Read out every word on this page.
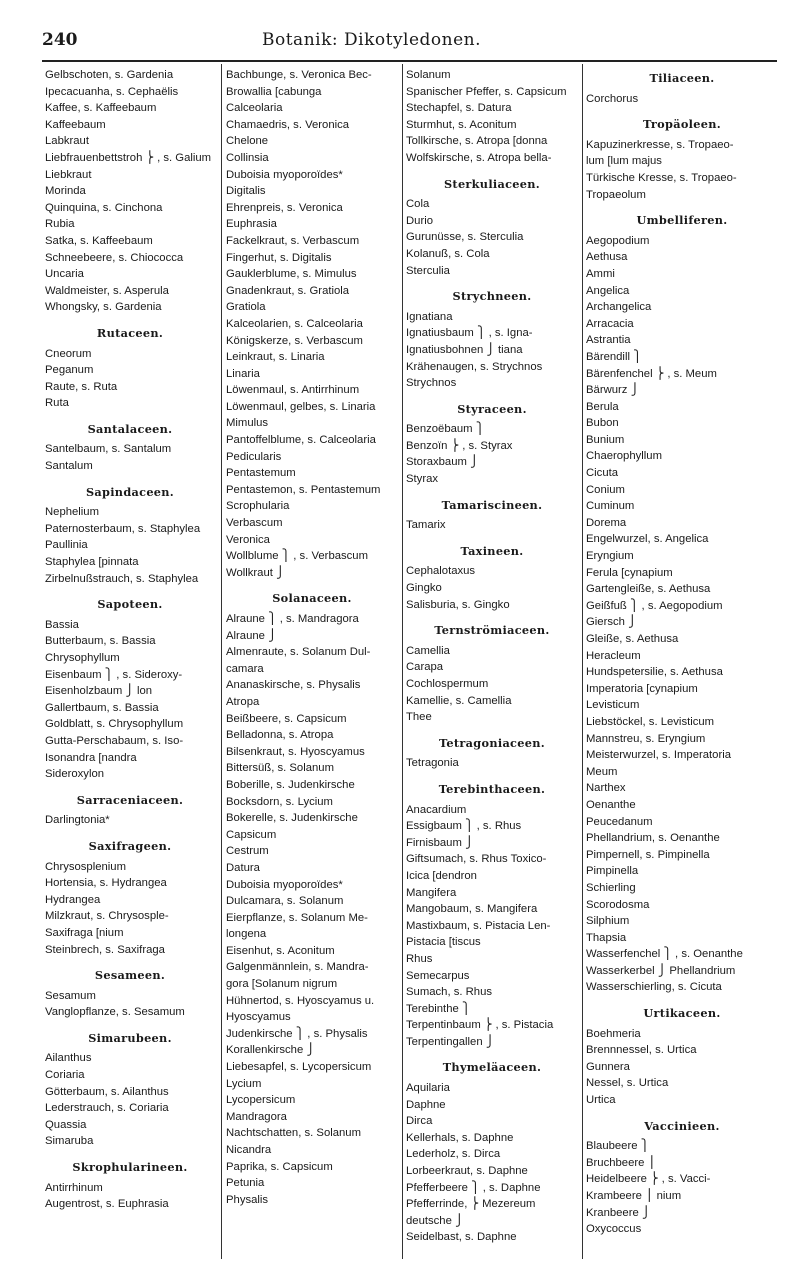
240	Botanik: Dikotyledonen.
Gelbschoten, s. Gardenia
Ipecacuanha, s. Cephaëlis
Kaffee, s. Kaffeebaum
Kaffeebaum
Labkraut
Liebfrauenbettstroh ⎬ , s. Galium
Liebkraut
Morinda
Quinquina, s. Cinchona
Rubia
Satka, s. Kaffeebaum
Schneebeere, s. Chiococca
Uncaria
Waldmeister, s. Asperula
Whongsky, s. Gardenia
Rutaceen.
Cneorum
Peganum
Raute, s. Ruta
Ruta
Santalaceen.
Santelbaum, s. Santalum
Santalum
Sapindaceen.
Nephelium
Paternosterbaum, s. Staphylea
Paullinia
Staphylea [pinnata
Zirbelnußstrauch, s. Staphylea
Sapoteen.
Bassia
Butterbaum, s. Bassia
Chrysophyllum
Eisenbaum ⎫ , s. Sideroxy-
Eisenholzbaum ⎭ lon
Gallertbaum, s. Bassia
Goldblatt, s. Chrysophyllum
Gutta-Perschabaum, s. Iso-
Isonandra [nandra
Sideroxylon
Sarraceniaceen.
Darlingtonia*
Saxifrageen.
Chrysosplenium
Hortensia, s. Hydrangea
Hydrangea
Milzkraut, s. Chrysosple-
Saxifraga [nium
Steinbrech, s. Saxifraga
Sesameen.
Sesamum
Vanglopflanze, s. Sesamum
Simarubeen.
Ailanthus
Coriaria
Götterbaum, s. Ailanthus
Lederstrauch, s. Coriaria
Quassia
Simaruba
Skrophularineen.
Antirrhinum
Augentrost, s. Euphrasia
Bachbunge, s. Veronica Bec-
Browallia [cabunga
Calceolaria
Chamaedris, s. Veronica
Chelone
Collinsia
Duboisia myoporoïdes*
Digitalis
Ehrenpreis, s. Veronica
Euphrasia
Fackelkraut, s. Verbascum
Fingerhut, s. Digitalis
Gauklerblume, s. Mimulus
Gnadenkraut, s. Gratiola
Gratiola
Kalceolarien, s. Calceolaria
Königskerze, s. Verbascum
Leinkraut, s. Linaria
Linaria
Löwenmaul, s. Antirrhinum
Löwenmaul, gelbes, s. Linaria
Mimulus
Pantoffelblume, s. Calceolaria
Pedicularis
Pentastemum
Pentastemon, s. Pentastemum
Scrophularia
Verbascum
Veronica
Wollblume ⎫ , s. Verbascum
Wollkraut ⎭
Solanaceen.
Alraune ⎫ , s. Mandragora
Alraune ⎭
Almenraute, s. Solanum Dul-
camara
Ananaskirsche, s. Physalis
Atropa
Beißbeere, s. Capsicum
Belladonna, s. Atropa
Bilsenkraut, s. Hyoscyamus
Bittersüß, s. Solanum
Boberille, s. Judenkirsche
Bocksdorn, s. Lycium
Bokerelle, s. Judenkirsche
Capsicum
Cestrum
Datura
Duboisia myoporoïdes*
Dulcamara, s. Solanum
Eierpflanze, s. Solanum Me-
longena
Eisenhut, s. Aconitum
Galgenmännlein, s. Mandra-
gora [Solanum nigrum
Hühnertod, s. Hyoscyamus u.
Hyoscyamus
Judenkirsche ⎫ , s. Physalis
Korallenkirsche ⎭
Liebesapfel, s. Lycopersicum
Lycium
Lycopersicum
Mandragora
Nachtschatten, s. Solanum
Nicandra
Paprika, s. Capsicum
Petunia
Physalis
Solanum
Spanischer Pfeffer, s. Capsicum
Stechapfel, s. Datura
Sturmhut, s. Aconitum
Tollkirsche, s. Atropa [donna
Wolfskirsche, s. Atropa bella-
Sterkuliaceen.
Cola
Durio
Gurunüsse, s. Sterculia
Kolanuß, s. Cola
Sterculia
Strychneen.
Ignatiana
Ignatiusbaum ⎫ , s. Igna-
Ignatiusbohnen ⎭ tiana
Krähenaugen, s. Strychnos
Strychnos
Styraceen.
Benzoëbaum ⎫
Benzoïn ⎬ , s. Styrax
Storaxbaum ⎭
Styrax
Tamariscineen.
Tamarix
Taxineen.
Cephalotaxus
Gingko
Salisburia, s. Gingko
Ternströmiaceen.
Camellia
Carapa
Cochlospermum
Kamellie, s. Camellia
Thee
Tetragoniaceen.
Tetragonia
Terebinthaceen.
Anacardium
Essigbaum ⎫ , s. Rhus
Firnisbaum ⎭
Giftsumach, s. Rhus Toxico-
Icica [dendron
Mangifera
Mangobaum, s. Mangifera
Mastixbaum, s. Pistacia Len-
Pistacia [tiscus
Rhus
Semecarpus
Sumach, s. Rhus
Terebinthe ⎫
Terpentinbaum ⎬ , s. Pistacia
Terpentingallen ⎭
Thymeläaceen.
Aquilaria
Daphne
Dirca
Kellerhals, s. Daphne
Lederholz, s. Dirca
Lorbeerkraut, s. Daphne
Pfefferbeere ⎫ , s. Daphne
Pfefferrinde, ⎬ Mezereum
deutsche ⎭
Seidelbast, s. Daphne
Tiliaceen.
Corchorus
Tropäoleen.
Kapuzinerkresse, s. Tropaeo-
lum [lum majus
Türkische Kresse, s. Tropaeo-
Tropaeolum
Umbelliferen.
Aegopodium
Aethusa
Ammi
Angelica
Archangelica
Arracacia
Astrantia
Bärendill ⎫
Bärenfenchel ⎬ , s. Meum
Bärwurz ⎭
Berula
Bubon
Bunium
Chaerophyllum
Cicuta
Conium
Cuminum
Dorema
Engelwurzel, s. Angelica
Eryngium
Ferula [cynapium
Gartengleiße, s. Aethusa
Geißfuß ⎫ , s. Aegopodium
Giersch ⎭
Gleiße, s. Aethusa
Heracleum
Hundspetersilie, s. Aethusa
Imperatoria [cynapium
Levisticum
Liebstöckel, s. Levisticum
Mannstreu, s. Eryngium
Meisterwurzel, s. Imperatoria
Meum
Narthex
Oenanthe
Peucedanum
Phellandrium, s. Oenanthe
Pimpernell, s. Pimpinella
Pimpinella
Schierling
Scorodosma
Silphium
Thapsia
Wasserfenchel ⎫ , s. Oenanthe
Wasserkerbel ⎭ Phellandrium
Wasserschierling, s. Cicuta
Urtikaceen.
Boehmeria
Brennnessel, s. Urtica
Gunnera
Nessel, s. Urtica
Urtica
Vaccinieen.
Blaubeere ⎫
Bruchbeere ⎪
Heidelbeere ⎬ , s. Vacci-
Krambeere ⎪ nium
Kranbeere ⎭
Oxycoccus
